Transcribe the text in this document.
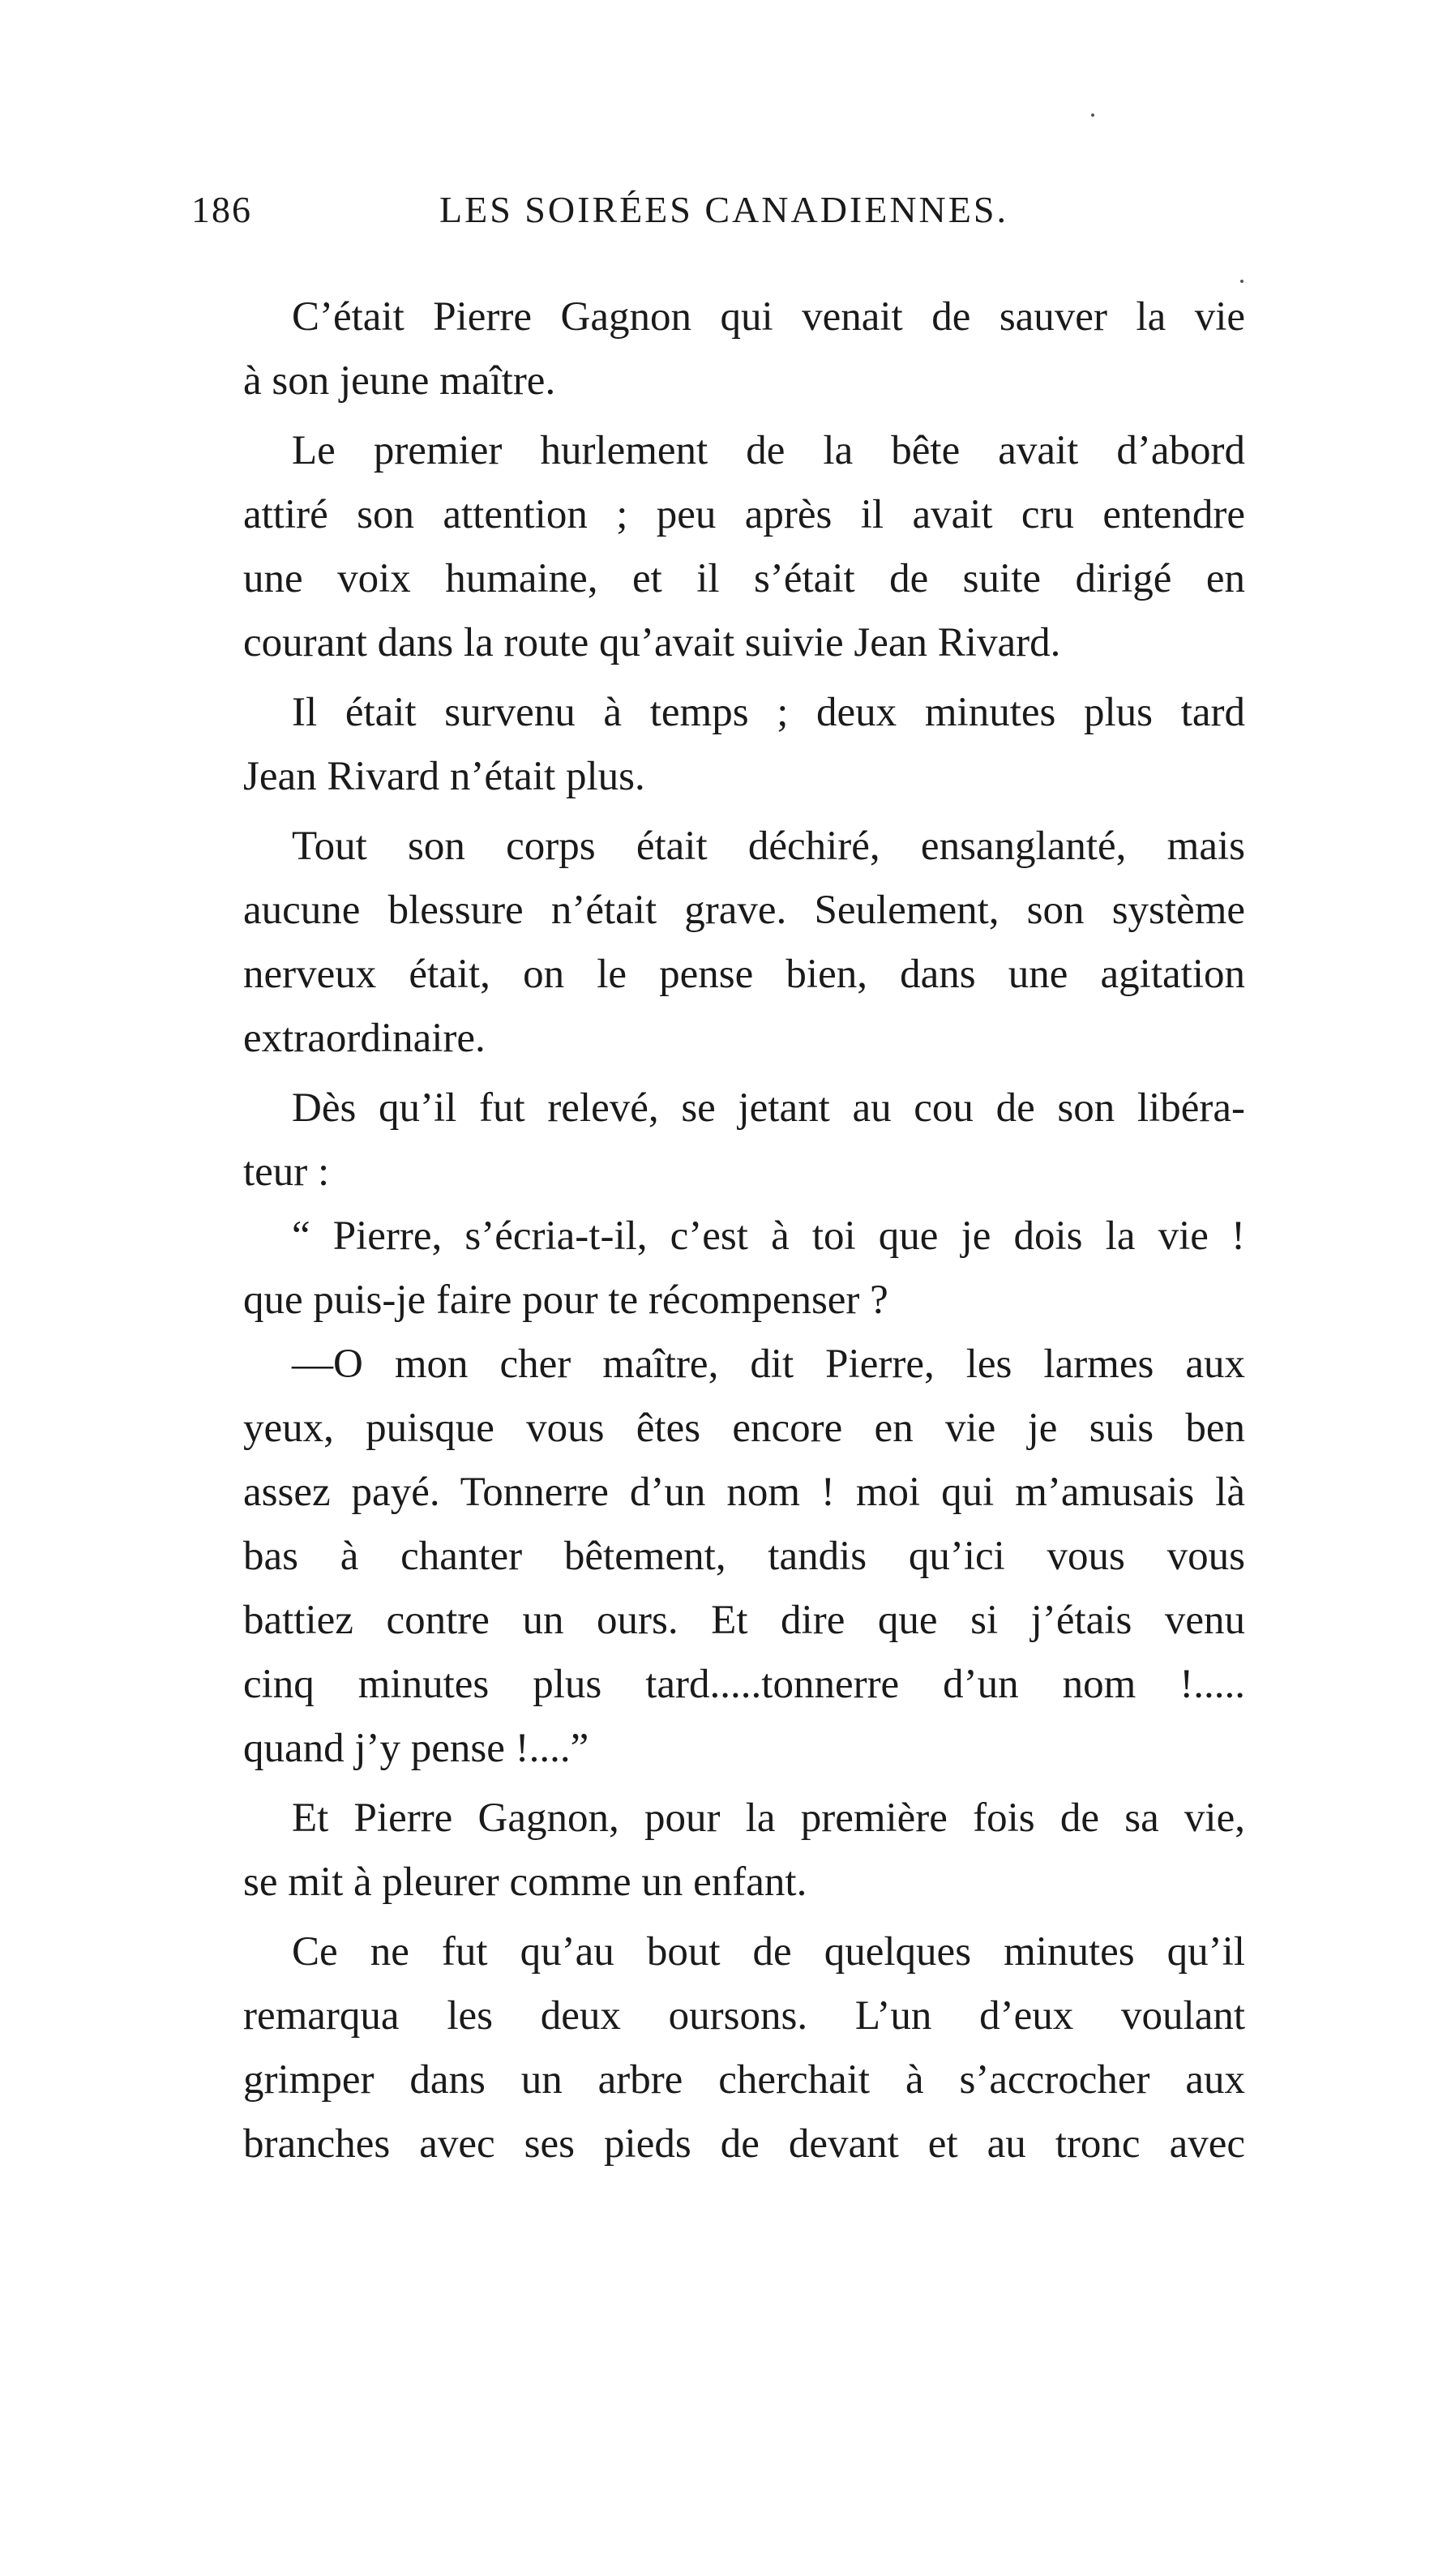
186	LES SOIRÉES CANADIENNES.

C’était Pierre Gagnon qui venait de sauver la vie
à son jeune maître.

Le premier hurlement de la bête avait d’abord
attiré son attention ; peu après il avait cru entendre
une voix humaine, et il s’était de suite dirigé en
courant dans la route qu’avait suivie Jean Rivard.

Il était survenu à temps ; deux minutes plus tard
Jean Rivard n’était plus.

Tout son corps était déchiré, ensanglanté, mais
aucune blessure n’était grave. Seulement, son système
nerveux était, on le pense bien, dans une agitation
extraordinaire.

Dès qu’il fut relevé, se jetant au cou de son libéra-
teur :

“ Pierre, s’écria-t-il, c’est à toi que je dois la vie !
que puis-je faire pour te récompenser ?

—O mon cher maître, dit Pierre, les larmes aux
yeux, puisque vous êtes encore en vie je suis ben
assez payé. Tonnerre d’un nom ! moi qui m’amusais là
bas à chanter bêtement, tandis qu’ici vous vous
battiez contre un ours. Et dire que si j’étais venu
cinq minutes plus tard.....tonnerre d’un nom !.....
quand j’y pense !....”

Et Pierre Gagnon, pour la première fois de sa vie,
se mit à pleurer comme un enfant.

Ce ne fut qu’au bout de quelques minutes qu’il
remarqua les deux oursons. L’un d’eux voulant
grimper dans un arbre cherchait à s’accrocher aux
branches avec ses pieds de devant et au tronc avec
